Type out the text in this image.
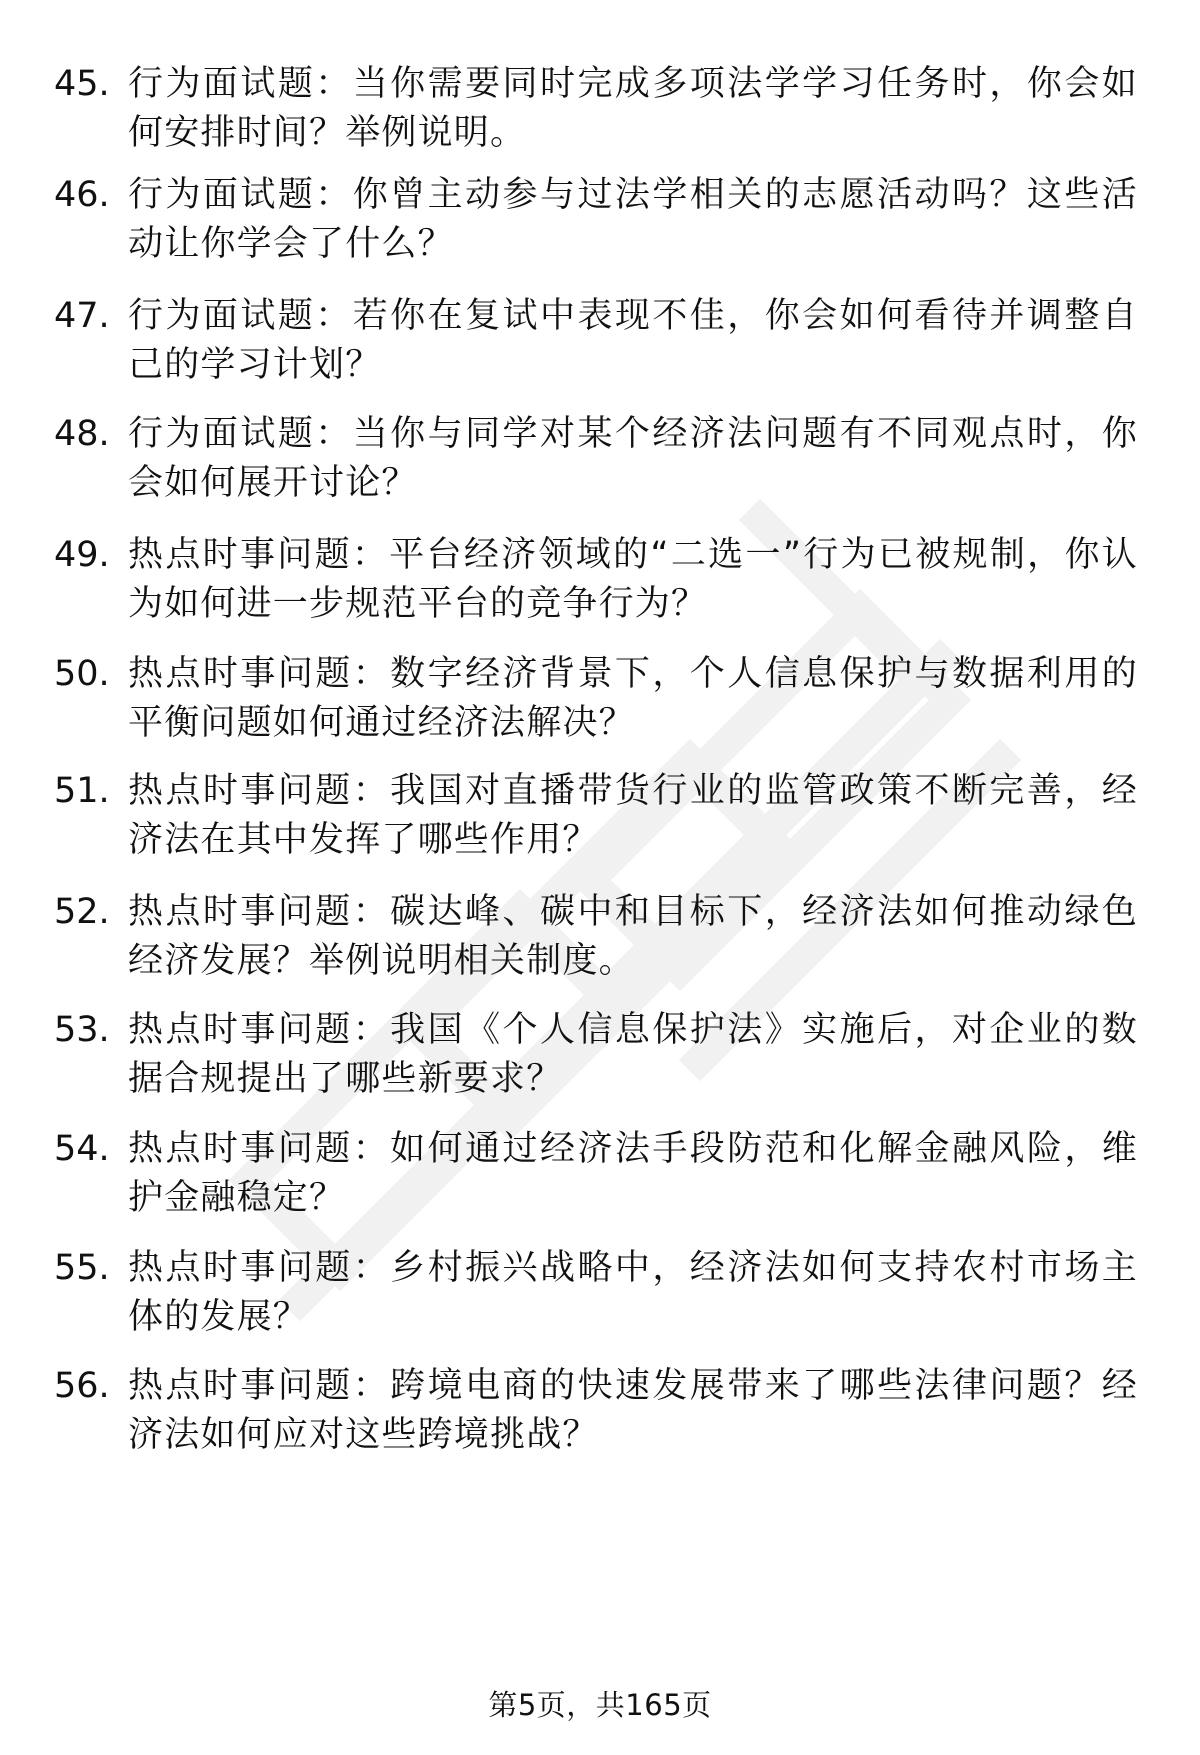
45. 行为面试题：当你需要同时完成多项法学学习任务时，你会如何安排时间？举例说明。
46. 行为面试题：你曾主动参与过法学相关的志愿活动吗？这些活动让你学会了什么？
47. 行为面试题：若你在复试中表现不佳，你会如何看待并调整自己的学习计划？
48. 行为面试题：当你与同学对某个经济法问题有不同观点时，你会如何展开讨论？
49. 热点时事问题：平台经济领域的“二选一”行为已被规制，你认为如何进一步规范平台的竞争行为？
50. 热点时事问题：数字经济背景下，个人信息保护与数据利用的平衡问题如何通过经济法解决？
51. 热点时事问题：我国对直播带货行业的监管政策不断完善，经济法在其中发挥了哪些作用？
52. 热点时事问题：碳达峰、碳中和目标下，经济法如何推动绿色经济发展？举例说明相关制度。
53. 热点时事问题：我国《个人信息保护法》实施后，对企业的数据合规提出了哪些新要求？
54. 热点时事问题：如何通过经济法手段防范和化解金融风险，维护金融稳定？
55. 热点时事问题：乡村振兴战略中，经济法如何支持农村市场主体的发展？
56. 热点时事问题：跨境电商的快速发展带来了哪些法律问题？经济法如何应对这些跨境挑战？
第5页，共165页
